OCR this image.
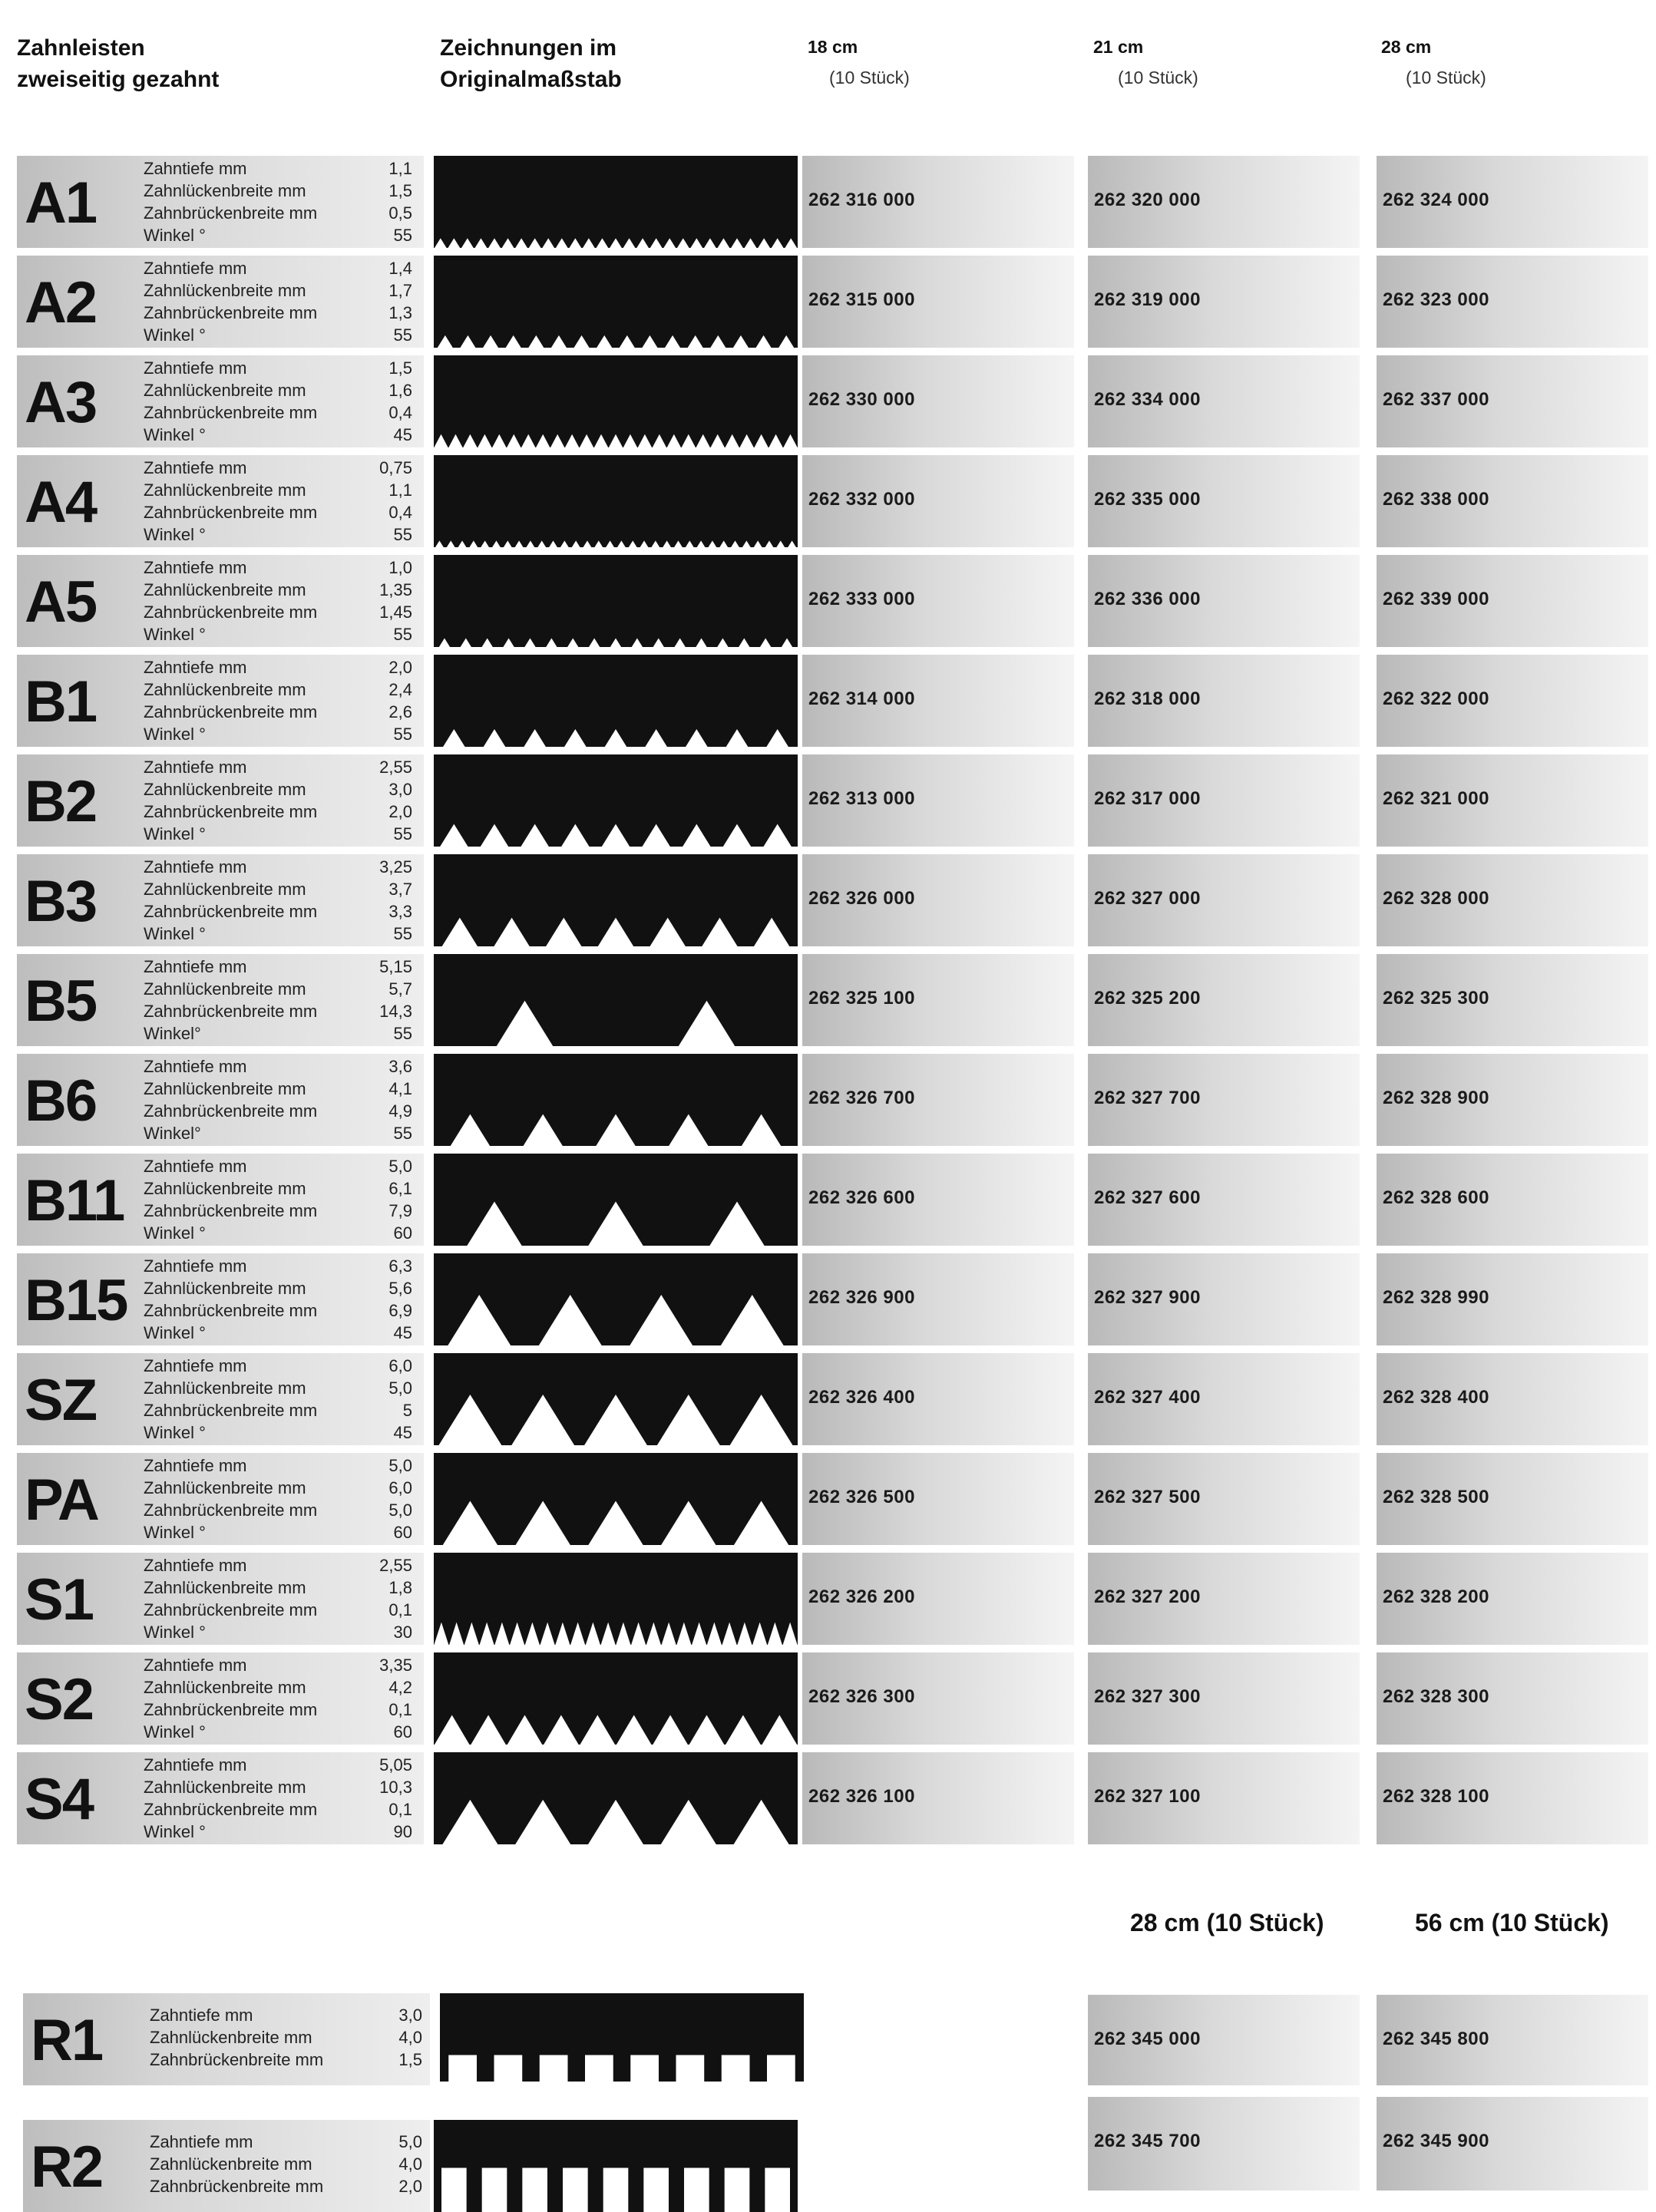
Zahnleisten
zweiseitig gezahnt
Zeichnungen im
Originalmaßstab
18 cm
(10 Stück)
21 cm
(10 Stück)
28 cm
(10 Stück)
A1
Zahntiefe mm	1,1
Zahnlückenbreite mm	1,5
Zahnbrückenbreite mm	0,5
Winkel °	55
262 316 000	262 320 000	262 324 000
A2
Zahntiefe mm	1,4
Zahnlückenbreite mm	1,7
Zahnbrückenbreite mm	1,3
Winkel °	55
262 315 000	262 319 000	262 323 000
A3
Zahntiefe mm	1,5
Zahnlückenbreite mm	1,6
Zahnbrückenbreite mm	0,4
Winkel °	45
262 330 000	262 334 000	262 337 000
A4
Zahntiefe mm	0,75
Zahnlückenbreite mm	1,1
Zahnbrückenbreite mm	0,4
Winkel °	55
262 332 000	262 335 000	262 338 000
A5
Zahntiefe mm	1,0
Zahnlückenbreite mm	1,35
Zahnbrückenbreite mm	1,45
Winkel °	55
262 333 000	262 336 000	262 339 000
B1
Zahntiefe mm	2,0
Zahnlückenbreite mm	2,4
Zahnbrückenbreite mm	2,6
Winkel °	55
262 314 000	262 318 000	262 322 000
B2
Zahntiefe mm	2,55
Zahnlückenbreite mm	3,0
Zahnbrückenbreite mm	2,0
Winkel °	55
262 313 000	262 317 000	262 321 000
B3
Zahntiefe mm	3,25
Zahnlückenbreite mm	3,7
Zahnbrückenbreite mm	3,3
Winkel °	55
262 326 000	262 327 000	262 328 000
B5
Zahntiefe mm	5,15
Zahnlückenbreite mm	5,7
Zahnbrückenbreite mm	14,3
Winkel°	55
262 325 100	262 325 200	262 325 300
B6
Zahntiefe mm	3,6
Zahnlückenbreite mm	4,1
Zahnbrückenbreite mm	4,9
Winkel°	55
262 326 700	262 327 700	262 328 900
B11
Zahntiefe mm	5,0
Zahnlückenbreite mm	6,1
Zahnbrückenbreite mm	7,9
Winkel °	60
262 326 600	262 327 600	262 328 600
B15
Zahntiefe mm	6,3
Zahnlückenbreite mm	5,6
Zahnbrückenbreite mm	6,9
Winkel °	45
262 326 900	262 327 900	262 328 990
SZ
Zahntiefe mm	6,0
Zahnlückenbreite mm	5,0
Zahnbrückenbreite mm	5
Winkel °	45
262 326 400	262 327 400	262 328 400
PA
Zahntiefe mm	5,0
Zahnlückenbreite mm	6,0
Zahnbrückenbreite mm	5,0
Winkel °	60
262 326 500	262 327 500	262 328 500
S1
Zahntiefe mm	2,55
Zahnlückenbreite mm	1,8
Zahnbrückenbreite mm	0,1
Winkel °	30
262 326 200	262 327 200	262 328 200
S2
Zahntiefe mm	3,35
Zahnlückenbreite mm	4,2
Zahnbrückenbreite mm	0,1
Winkel °	60
262 326 300	262 327 300	262 328 300
S4
Zahntiefe mm	5,05
Zahnlückenbreite mm	10,3
Zahnbrückenbreite mm	0,1
Winkel °	90
262 326 100	262 327 100	262 328 100
28 cm (10 Stück)	56 cm (10 Stück)
R1	Zahntiefe mm	3,0
Zahnlückenbreite mm	4,0
Zahnbrückenbreite mm	1,5
262 345 000	262 345 800
R2	Zahntiefe mm	5,0
Zahnlückenbreite mm	4,0
Zahnbrückenbreite mm	2,0
262 345 700	262 345 900
